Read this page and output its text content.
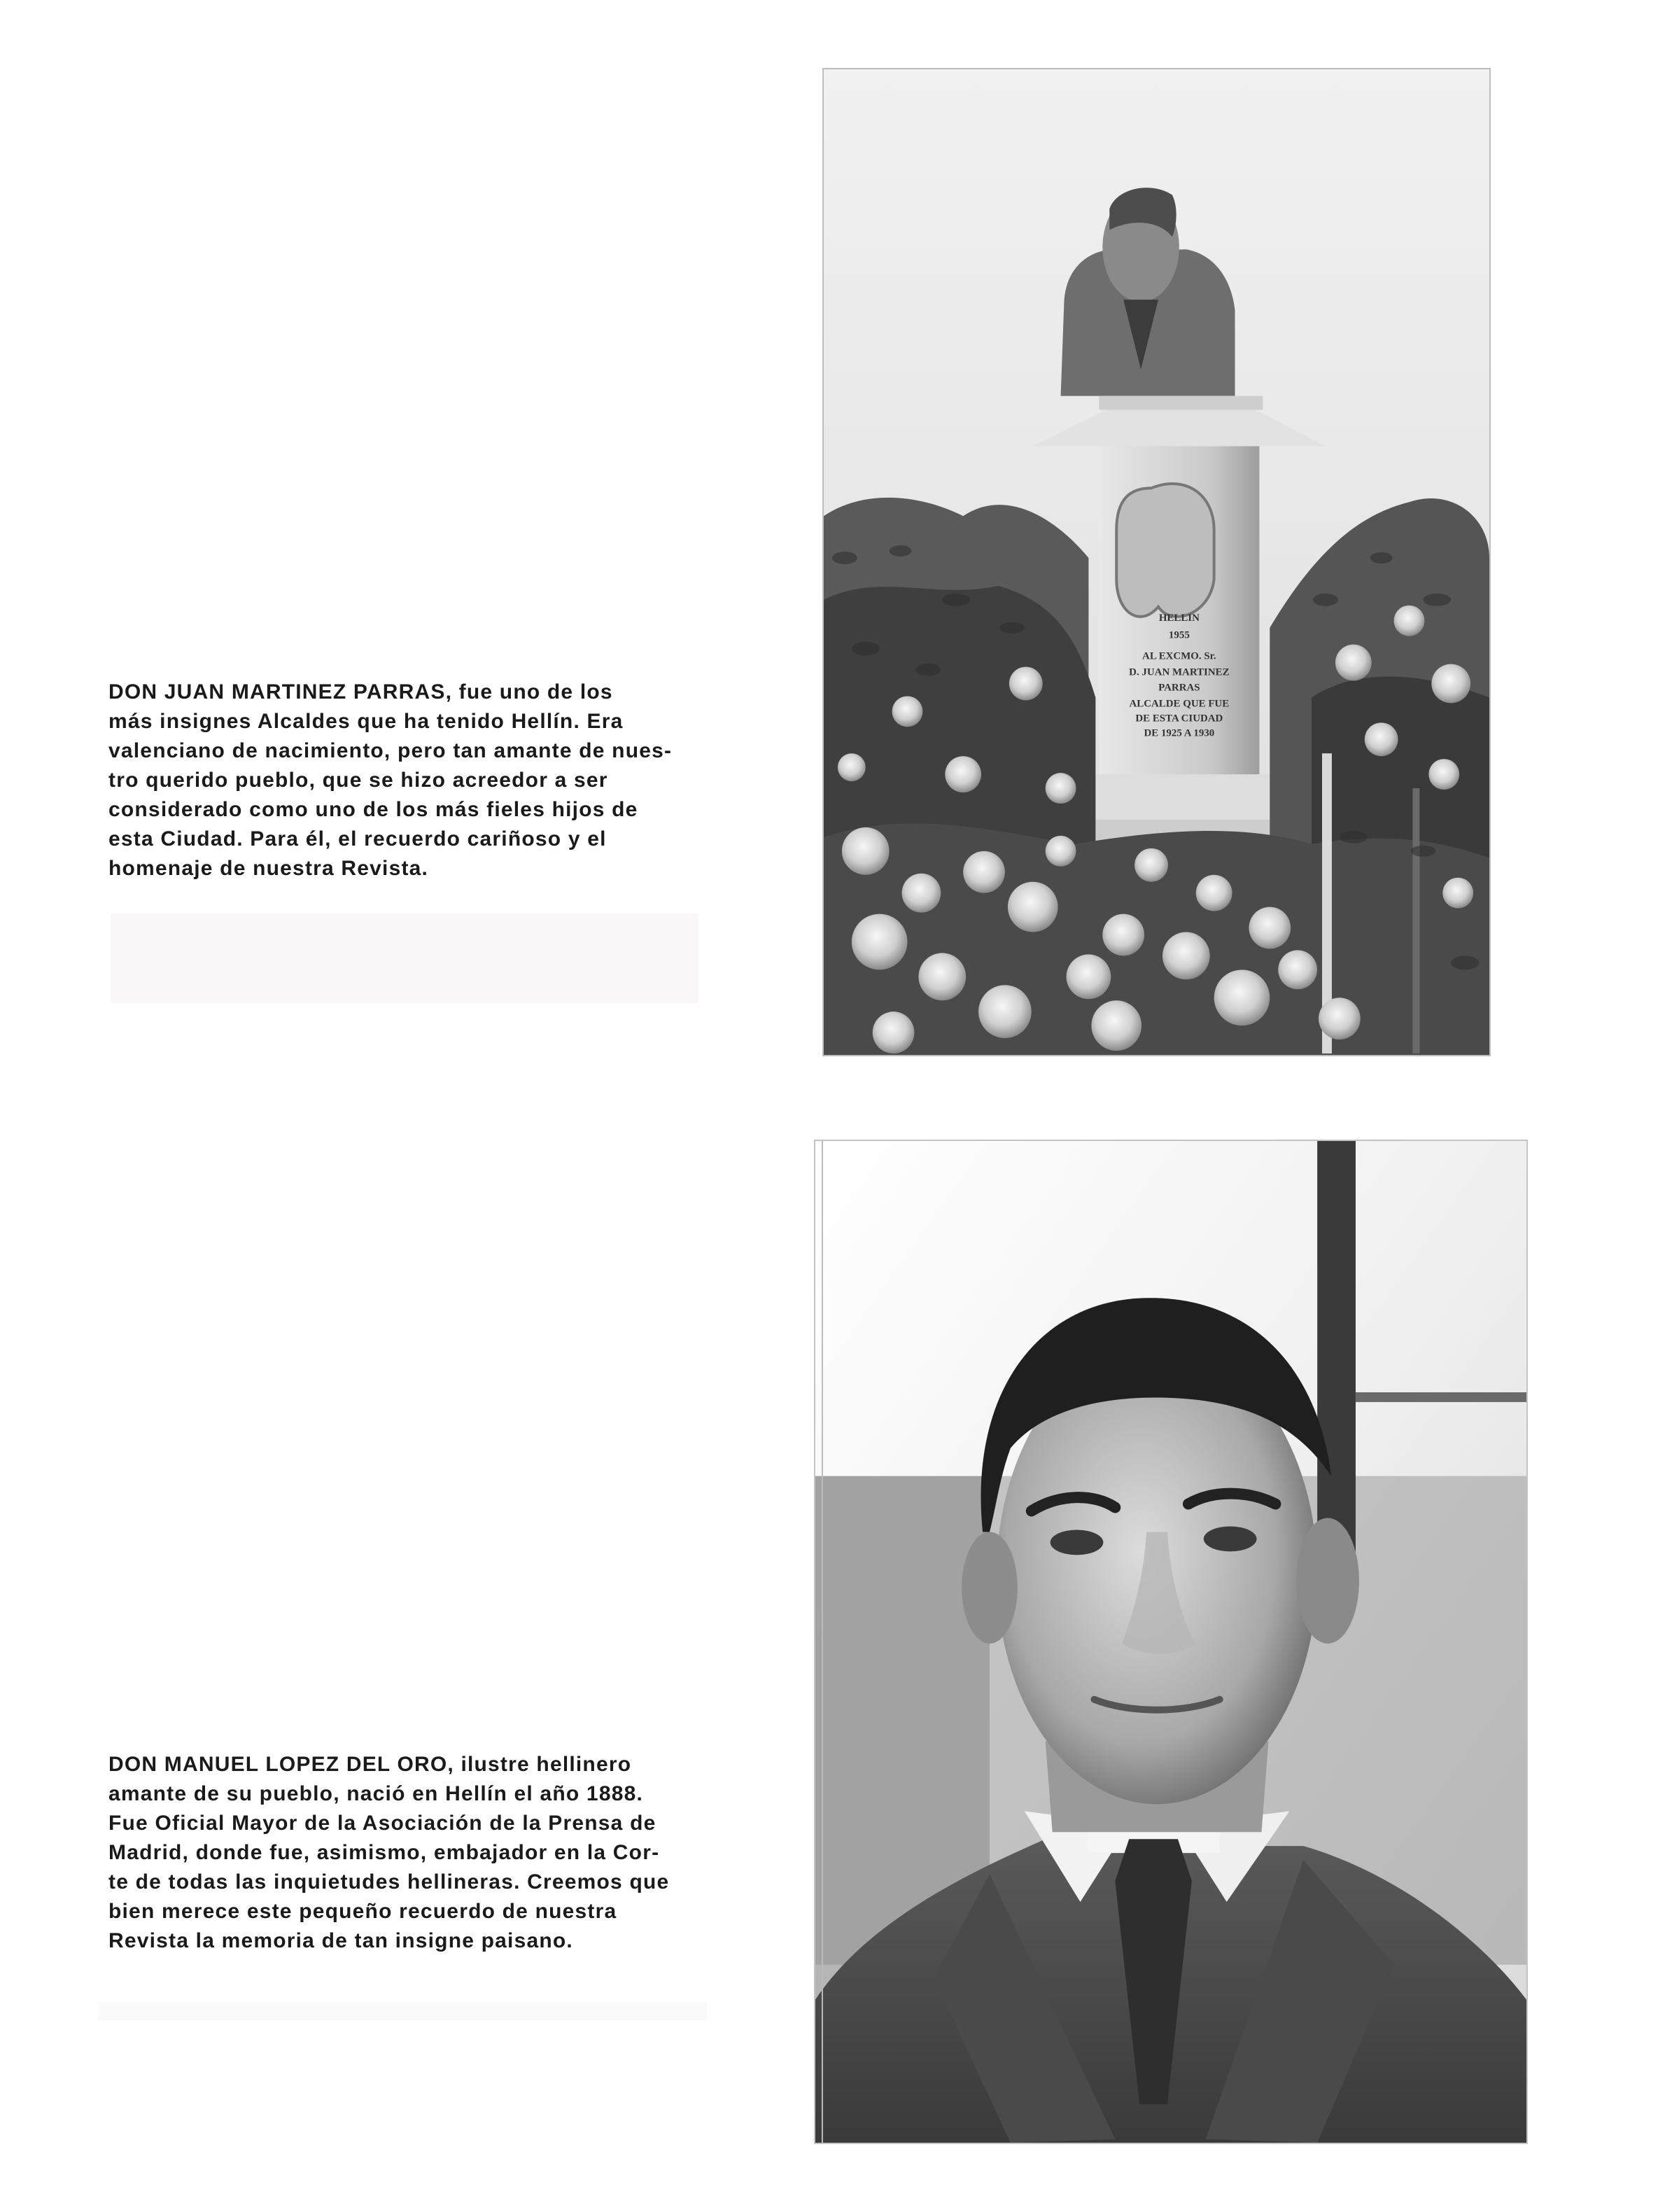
DON JUAN MARTINEZ PARRAS, fue uno de los
más insignes Alcaldes que ha tenido Hellín. Era
valenciano de nacimiento, pero tan amante de nues-
tro querido pueblo, que se hizo acreedor a ser
considerado como uno de los más fieles hijos de
esta Ciudad. Para él, el recuerdo cariñoso y el
homenaje de nuestra Revista.
DON MANUEL LOPEZ DEL ORO, ilustre hellinero
amante de su pueblo, nació en Hellín el año 1888.
Fue Oficial Mayor de la Asociación de la Prensa de
Madrid, donde fue, asimismo, embajador en la Cor-
te de todas las inquietudes hellineras. Creemos que
bien merece este pequeño recuerdo de nuestra
Revista la memoria de tan insigne paisano.
HELLIN
1955
AL EXCMO. Sr.
D. JUAN MARTINEZ
PARRAS
ALCALDE QUE FUE
DE ESTA CIUDAD
DE 1925 A 1930
